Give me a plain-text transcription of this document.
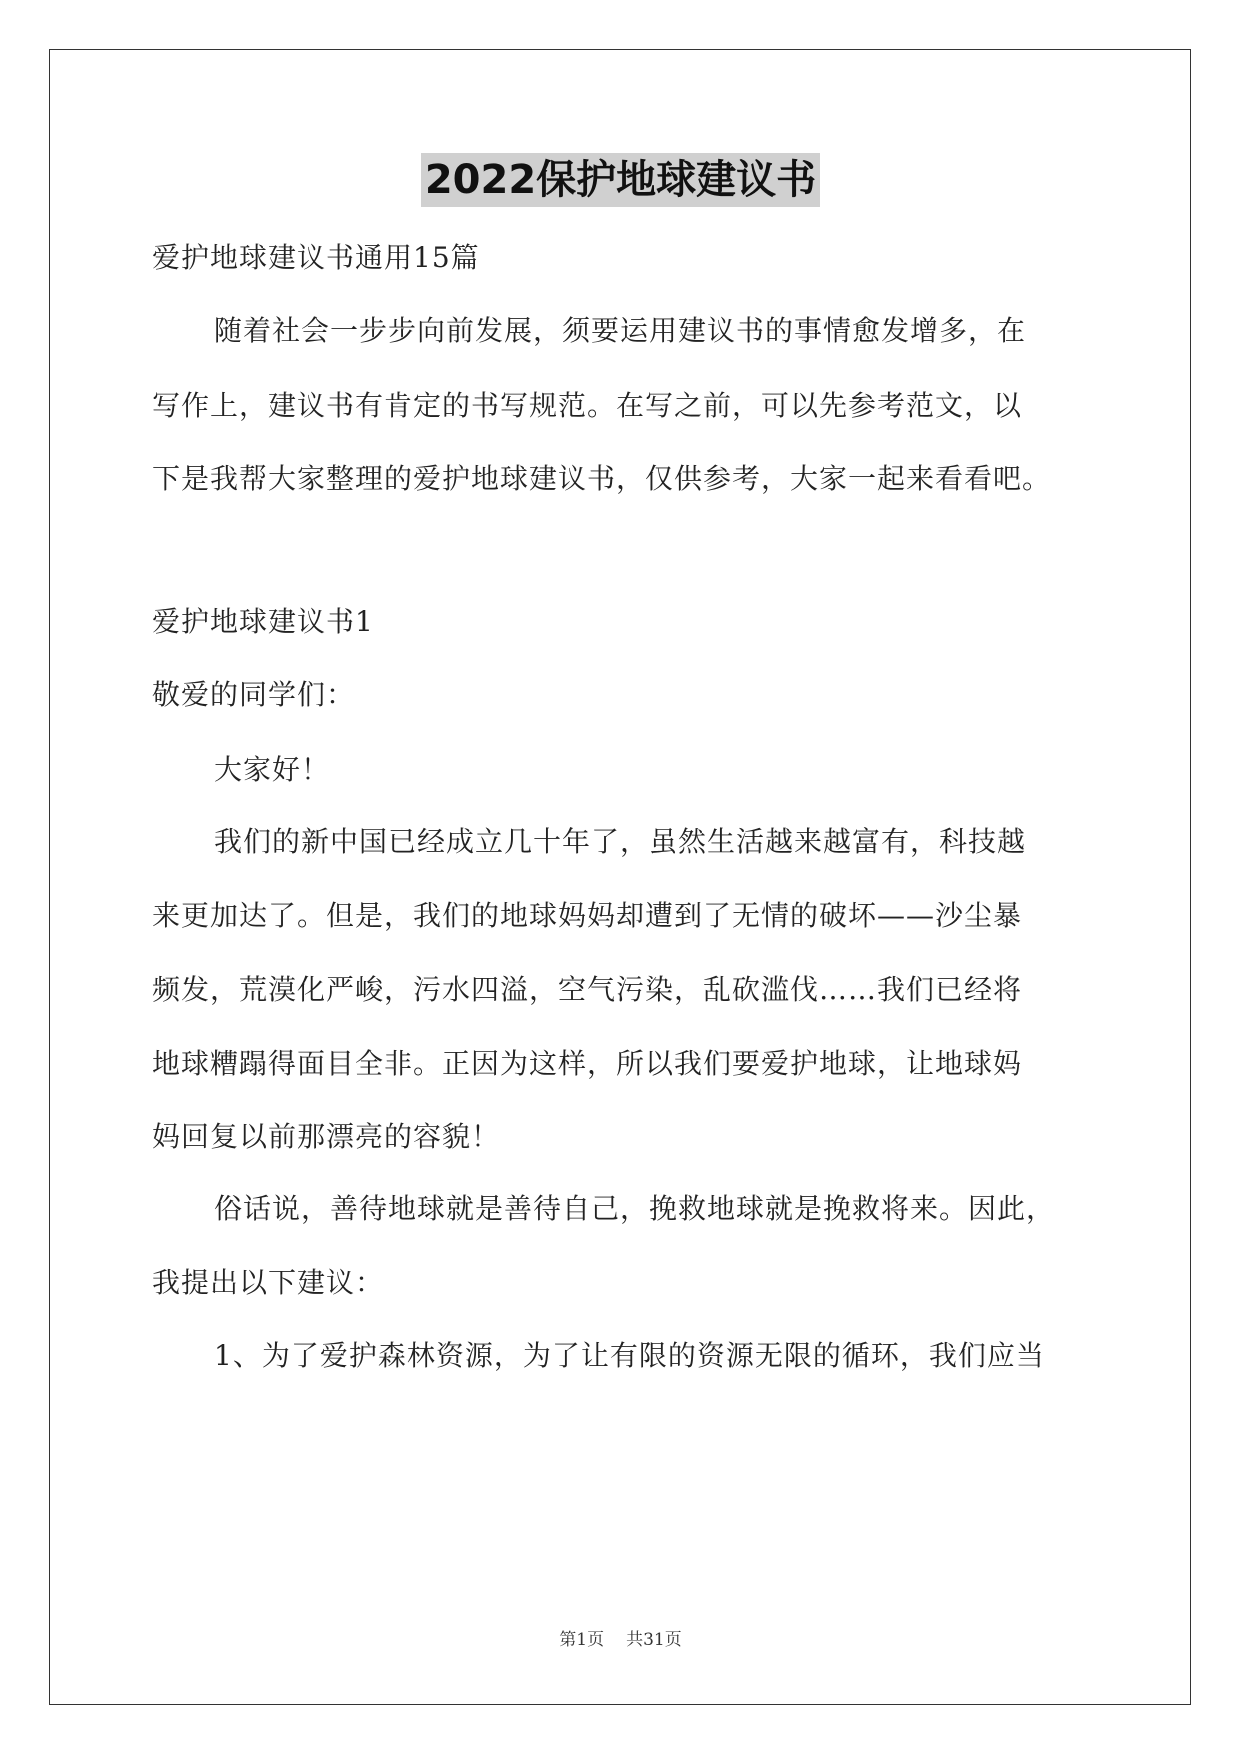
2022保护地球建议书
爱护地球建议书通用15篇
随着社会一步步向前发展，须要运用建议书的事情愈发增多，在
写作上，建议书有肯定的书写规范。在写之前，可以先参考范文，以
下是我帮大家整理的爱护地球建议书，仅供参考，大家一起来看看吧。
爱护地球建议书1
敬爱的同学们：
大家好！
我们的新中国已经成立几十年了，虽然生活越来越富有，科技越
来更加达了。但是，我们的地球妈妈却遭到了无情的破坏——沙尘暴
频发，荒漠化严峻，污水四溢，空气污染，乱砍滥伐……我们已经将
地球糟蹋得面目全非。正因为这样，所以我们要爱护地球，让地球妈
妈回复以前那漂亮的容貌！
俗话说，善待地球就是善待自己，挽救地球就是挽救将来。因此，
我提出以下建议：
1、为了爱护森林资源，为了让有限的资源无限的循环，我们应当
第1页 共31页
